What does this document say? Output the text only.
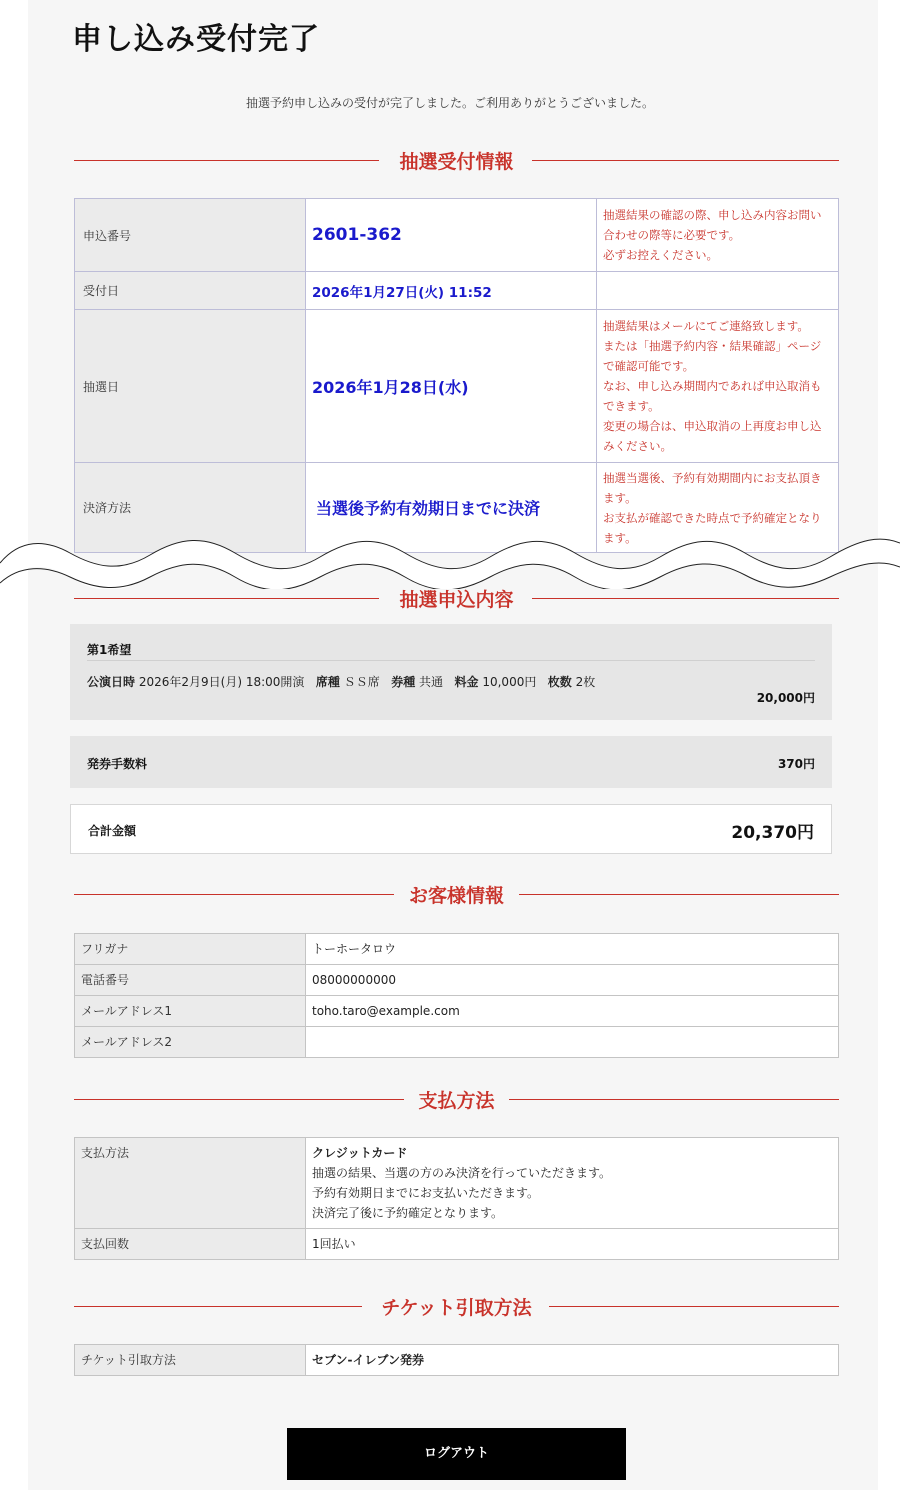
申し込み受付完了

抽選予約申し込みの受付が完了しました。ご利用ありがとうございました。

抽選受付情報
申込番号	2601-362	抽選結果の確認の際、申し込み内容お問い合わせの際等に必要です。
必ずお控えください。
受付日	2026年1月27日(火) 11:52	
抽選日	2026年1月28日(水)	抽選結果はメールにてご連絡致します。
または「抽選予約内容・結果確認」ページで確認可能です。
なお、申し込み期間内であれば申込取消もできます。
変更の場合は、申込取消の上再度お申し込みください。
決済方法	当選後予約有効期日までに決済	抽選当選後、予約有効期間内にお支払頂きます。
お支払が確認できた時点で予約確定となります。
抽選申込内容
第1希望
公演日時 2026年2月9日(月) 18:00開演 席種 ＳＳ席 券種 共通 料金 10,000円 枚数 2枚
20,000円
発券手数料	370円
合計金額	20,370円
お客様情報
フリガナ	トーホータロウ
電話番号	08000000000
メールアドレス1	toho.taro@example.com
メールアドレス2	
支払方法
支払方法	クレジットカード
抽選の結果、当選の方のみ決済を行っていただきます。
予約有効期日までにお支払いただきます。
決済完了後に予約確定となります。

支払回数	1回払い
チケット引取方法
チケット引取方法	セブン-イレブン発券
ログアウト
